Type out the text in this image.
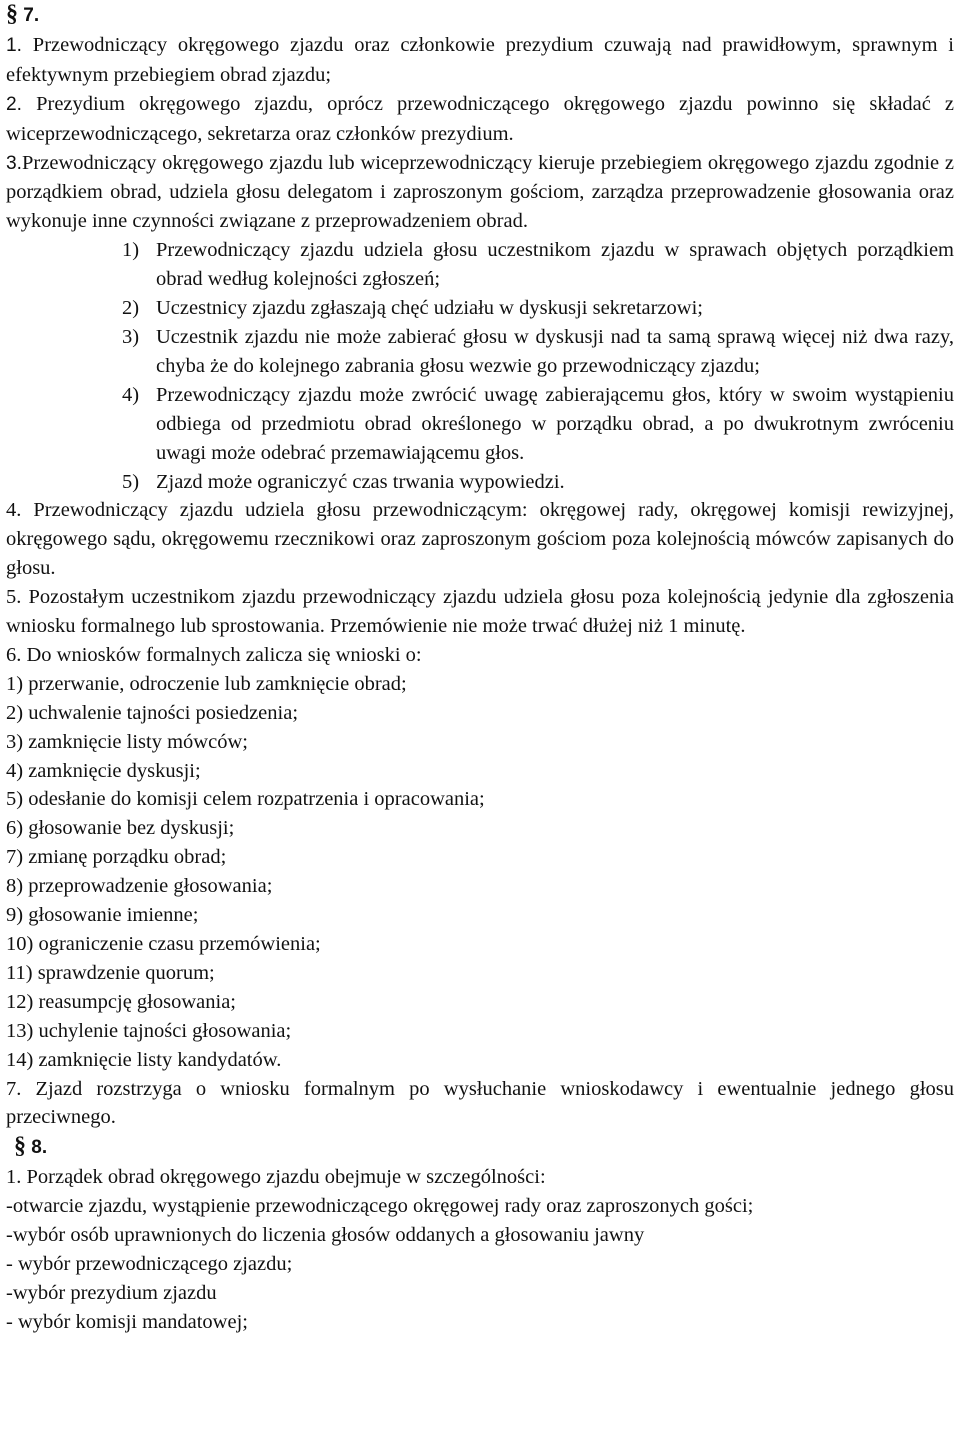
§ 7.

1. Przewodniczący okręgowego zjazdu oraz członkowie prezydium czuwają nad prawidłowym, sprawnym i efektywnym przebiegiem obrad zjazdu;

2. Prezydium okręgowego zjazdu, oprócz przewodniczącego okręgowego zjazdu powinno się składać z wiceprzewodniczącego, sekretarza oraz członków prezydium.

3.Przewodniczący okręgowego zjazdu lub wiceprzewodniczący kieruje przebiegiem okręgowego zjazdu zgodnie z porządkiem obrad, udziela głosu delegatom i zaproszonym gościom, zarządza przeprowadzenie głosowania oraz wykonuje inne czynności związane z przeprowadzeniem obrad.

1) Przewodniczący zjazdu udziela głosu uczestnikom zjazdu w sprawach objętych porządkiem obrad według kolejności zgłoszeń;
2) Uczestnicy zjazdu zgłaszają chęć udziału w dyskusji sekretarzowi;
3) Uczestnik zjazdu nie może zabierać głosu w dyskusji nad ta samą sprawą więcej niż dwa razy, chyba że do kolejnego zabrania głosu wezwie go przewodniczący zjazdu;
4) Przewodniczący zjazdu może zwrócić uwagę zabierającemu głos, który w swoim wystąpieniu odbiega od przedmiotu obrad określonego w porządku obrad, a po dwukrotnym zwróceniu uwagi może odebrać przemawiającemu głos.
5) Zjazd może ograniczyć czas trwania wypowiedzi.

4. Przewodniczący zjazdu udziela głosu przewodniczącym: okręgowej rady, okręgowej komisji rewizyjnej, okręgowego sądu, okręgowemu rzecznikowi oraz zaproszonym gościom poza kolejnością mówców zapisanych do głosu.

5. Pozostałym uczestnikom zjazdu przewodniczący zjazdu udziela głosu poza kolejnością jedynie dla zgłoszenia wniosku formalnego lub sprostowania. Przemówienie nie może trwać dłużej niż 1 minutę.

6. Do wniosków formalnych zalicza się wnioski o:

1) przerwanie, odroczenie lub zamknięcie obrad;

2) uchwalenie tajności posiedzenia;

3) zamknięcie listy mówców;

4) zamknięcie dyskusji;

5) odesłanie do komisji celem rozpatrzenia i opracowania;

6) głosowanie bez dyskusji;

7) zmianę porządku obrad;

8) przeprowadzenie głosowania;

9) głosowanie imienne;

10) ograniczenie czasu przemówienia;

11) sprawdzenie quorum;

12) reasumpcję głosowania;

13) uchylenie tajności głosowania;

14) zamknięcie listy kandydatów.

7. Zjazd rozstrzyga o wniosku formalnym po wysłuchanie wnioskodawcy i ewentualnie jednego głosu przeciwnego.

§ 8.

1. Porządek obrad okręgowego zjazdu obejmuje w szczególności:

-otwarcie zjazdu, wystąpienie przewodniczącego okręgowej rady oraz zaproszonych gości;

-wybór osób uprawnionych do liczenia głosów oddanych a głosowaniu jawny

- wybór przewodniczącego zjazdu;

-wybór prezydium zjazdu

- wybór komisji mandatowej;
